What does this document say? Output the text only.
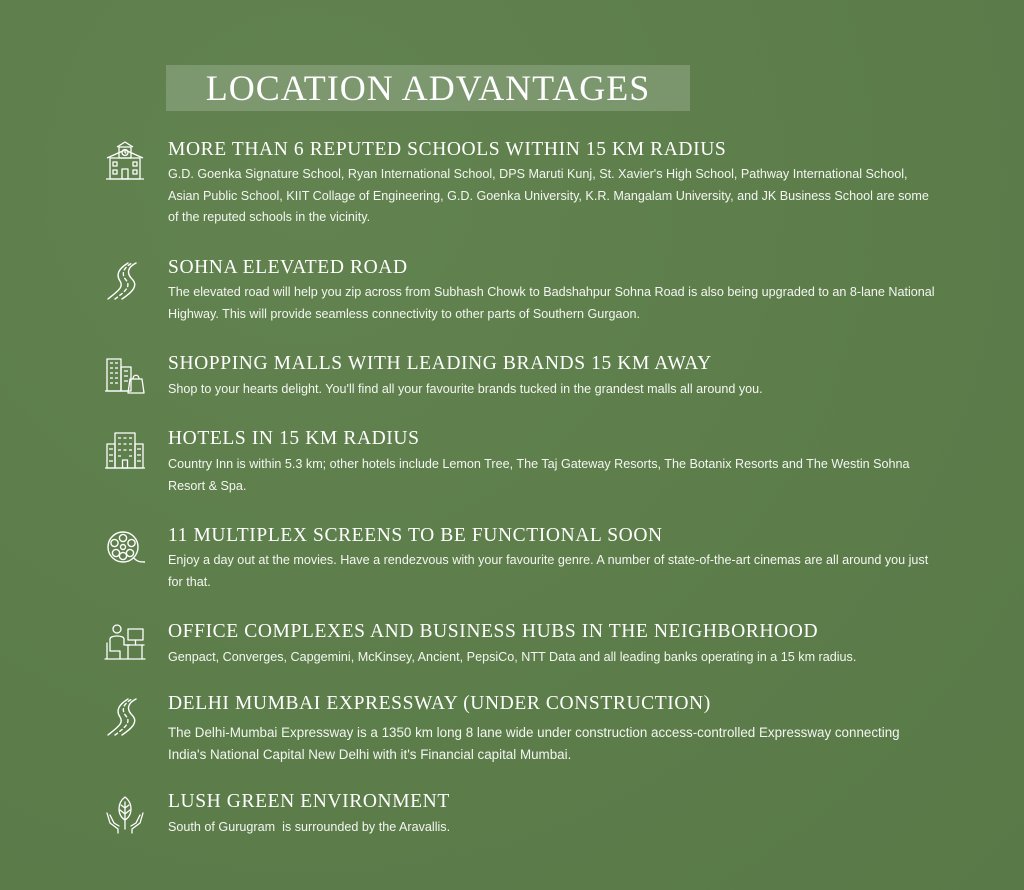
LOCATION ADVANTAGES
MORE THAN 6 REPUTED SCHOOLS WITHIN 15 KM RADIUS
G.D. Goenka Signature School, Ryan International School, DPS Maruti Kunj, St. Xavier's High School, Pathway International School, Asian Public School, KIIT Collage of Engineering, G.D. Goenka University, K.R. Mangalam University, and JK Business School are some of the reputed schools in the vicinity.
SOHNA ELEVATED ROAD
The elevated road will help you zip across from Subhash Chowk to Badshahpur Sohna Road is also being upgraded to an 8-lane National Highway. This will provide seamless connectivity to other parts of Southern Gurgaon.
SHOPPING MALLS WITH LEADING BRANDS 15 KM AWAY
Shop to your hearts delight. You'll find all your favourite brands tucked in the grandest malls all around you.
HOTELS IN 15 KM RADIUS
Country Inn is within 5.3 km; other hotels include Lemon Tree, The Taj Gateway Resorts, The Botanix Resorts and The Westin Sohna Resort & Spa.
11 MULTIPLEX SCREENS TO BE FUNCTIONAL SOON
Enjoy a day out at the movies. Have a rendezvous with your favourite genre. A number of state-of-the-art cinemas are all around you just for that.
OFFICE COMPLEXES AND BUSINESS HUBS IN THE NEIGHBORHOOD
Genpact, Converges, Capgemini, McKinsey, Ancient, PepsiCo, NTT Data and all leading banks operating in a 15 km radius.
DELHI MUMBAI EXPRESSWAY (UNDER CONSTRUCTION)
The Delhi-Mumbai Expressway is a 1350 km long 8 lane wide under construction access-controlled Expressway connecting India's National Capital New Delhi with it's Financial capital Mumbai.
LUSH GREEN ENVIRONMENT
South of Gurugram  is surrounded by the Aravallis.
